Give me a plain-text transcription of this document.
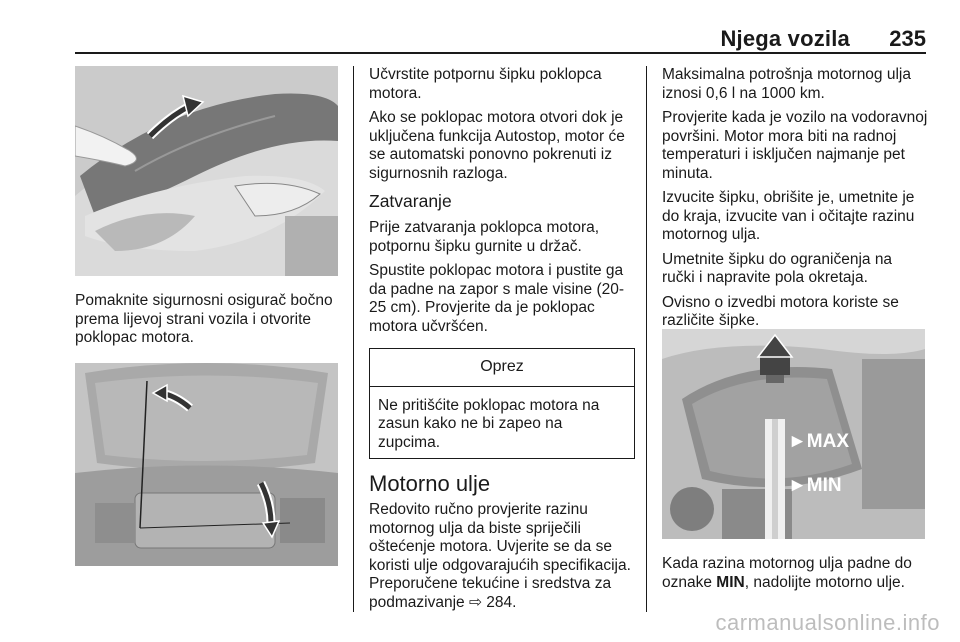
Njega vozila	235

Pomaknite sigurnosni osigurač bočno prema lijevoj strani vozila i otvorite poklopac motora.

Učvrstite potpornu šipku poklopca motora.

Ako se poklopac motora otvori dok je uključena funkcija Autostop, motor će se automatski ponovno pokrenuti iz sigurnosnih razloga.

Zatvaranje

Prije zatvaranja poklopca motora, potpornu šipku gurnite u držač.

Spustite poklopac motora i pustite ga da padne na zapor s male visine (20-25 cm). Provjerite da je poklopac motora učvršćen.

Oprez
Ne pritišćite poklopac motora na zasun kako ne bi zapeo na zupcima.
Motorno ulje

Redovito ručno provjerite razinu motornog ulja da biste spriječili oštećenje motora. Uvjerite se da se koristi ulje odgovarajućih specifikacija. Preporučene tekućine i sredstva za podmazivanje ⇨ 284.

Maksimalna potrošnja motornog ulja iznosi 0,6 l na 1000 km.

Provjerite kada je vozilo na vodoravnoj površini. Motor mora biti na radnoj temperaturi i isključen najmanje pet minuta.

Izvucite šipku, obrišite je, umetnite je do kraja, izvucite van i očitajte razinu motornog ulja.

Umetnite šipku do ograničenja na ručki i napravite pola okretaja.

Ovisno o izvedbi motora koriste se različite šipke.

►MAX
►MIN

Kada razina motornog ulja padne do oznake MIN, nadolijte motorno ulje.

carmanualsonline.info
